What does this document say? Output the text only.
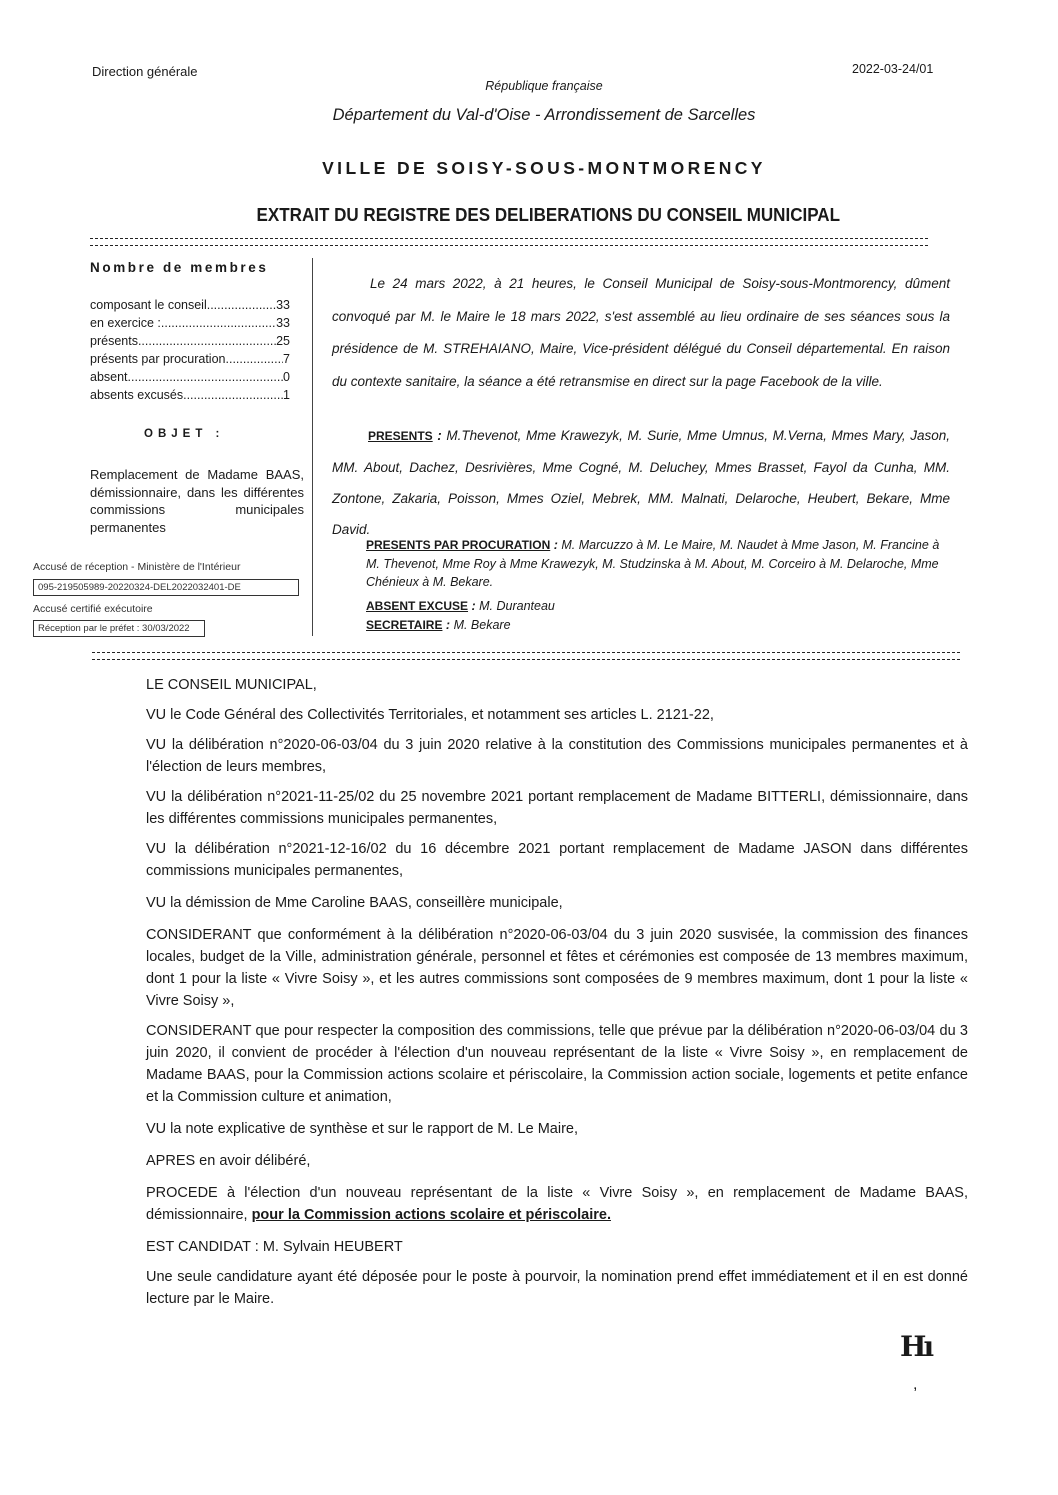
Direction générale	2022-03-24/01
République française
Département du Val-d'Oise - Arrondissement de Sarcelles
VILLE DE SOISY-SOUS-MONTMORENCY
EXTRAIT DU REGISTRE DES DELIBERATIONS DU CONSEIL MUNICIPAL
Nombre de membres
composant le conseil .....	33
en exercice : .....	33
présents .....	25
présents par procuration .....	7
absent .....	0
absents excusés .....	1
OBJET :
Remplacement de Madame BAAS, démissionnaire, dans les différentes commissions municipales permanentes
Accusé de réception - Ministère de l'Intérieur
095-219505989-20220324-DEL2022032401-DE
Accusé certifié exécutoire
Réception par le préfet : 30/03/2022
Le 24 mars 2022, à 21 heures, le Conseil Municipal de Soisy-sous-Montmorency, dûment convoqué par M. le Maire le 18 mars 2022, s'est assemblé au lieu ordinaire de ses séances sous la présidence de M. STREHAIANO, Maire, Vice-président délégué du Conseil départemental. En raison du contexte sanitaire, la séance a été retransmise en direct sur la page Facebook de la ville.
PRESENTS : M.Thevenot, Mme Krawezyk, M. Surie, Mme Umnus, M.Verna, Mmes Mary, Jason, MM. About, Dachez, Desrivières, Mme Cogné, M. Deluchey, Mmes Brasset, Fayol da Cunha, MM. Zontone, Zakaria, Poisson, Mmes Oziel, Mebrek, MM. Malnati, Delaroche, Heubert, Bekare, Mme David.
PRESENTS PAR PROCURATION : M. Marcuzzo à M. Le Maire, M. Naudet à Mme Jason, M. Francine à M. Thevenot, Mme Roy à Mme Krawezyk, M. Studzinska à M. About, M. Corceiro à M. Delaroche, Mme Chénieux à M. Bekare.
ABSENT EXCUSE : M. Duranteau
SECRETAIRE : M. Bekare
LE CONSEIL MUNICIPAL,
VU le Code Général des Collectivités Territoriales, et notamment ses articles L. 2121-22,
VU la délibération n°2020-06-03/04 du 3 juin 2020 relative à la constitution des Commissions municipales permanentes et à l'élection de leurs membres,
VU la délibération n°2021-11-25/02 du 25 novembre 2021 portant remplacement de Madame BITTERLI, démissionnaire, dans les différentes commissions municipales permanentes,
VU la délibération n°2021-12-16/02 du 16 décembre 2021 portant remplacement de Madame JASON dans différentes commissions municipales permanentes,
VU la démission de Mme Caroline BAAS, conseillère municipale,
CONSIDERANT que conformément à la délibération n°2020-06-03/04 du 3 juin 2020 susvisée, la commission des finances locales, budget de la Ville, administration générale, personnel et fêtes et cérémonies est composée de 13 membres maximum, dont 1 pour la liste « Vivre Soisy », et les autres commissions sont composées de 9 membres maximum, dont 1 pour la liste « Vivre Soisy »,
CONSIDERANT que pour respecter la composition des commissions, telle que prévue par la délibération n°2020-06-03/04 du 3 juin 2020, il convient de procéder à l'élection d'un nouveau représentant de la liste « Vivre Soisy », en remplacement de Madame BAAS, pour la Commission actions scolaire et périscolaire, la Commission action sociale, logements et petite enfance et la Commission culture et animation,
VU la note explicative de synthèse et sur le rapport de M. Le Maire,
APRES en avoir délibéré,
PROCEDE à l'élection d'un nouveau représentant de la liste « Vivre Soisy », en remplacement de Madame BAAS, démissionnaire, pour la Commission actions scolaire et périscolaire.
EST CANDIDAT : M. Sylvain HEUBERT
Une seule candidature ayant été déposée pour le poste à pourvoir, la nomination prend effet immédiatement et il en est donné lecture par le Maire.
Hı
,
